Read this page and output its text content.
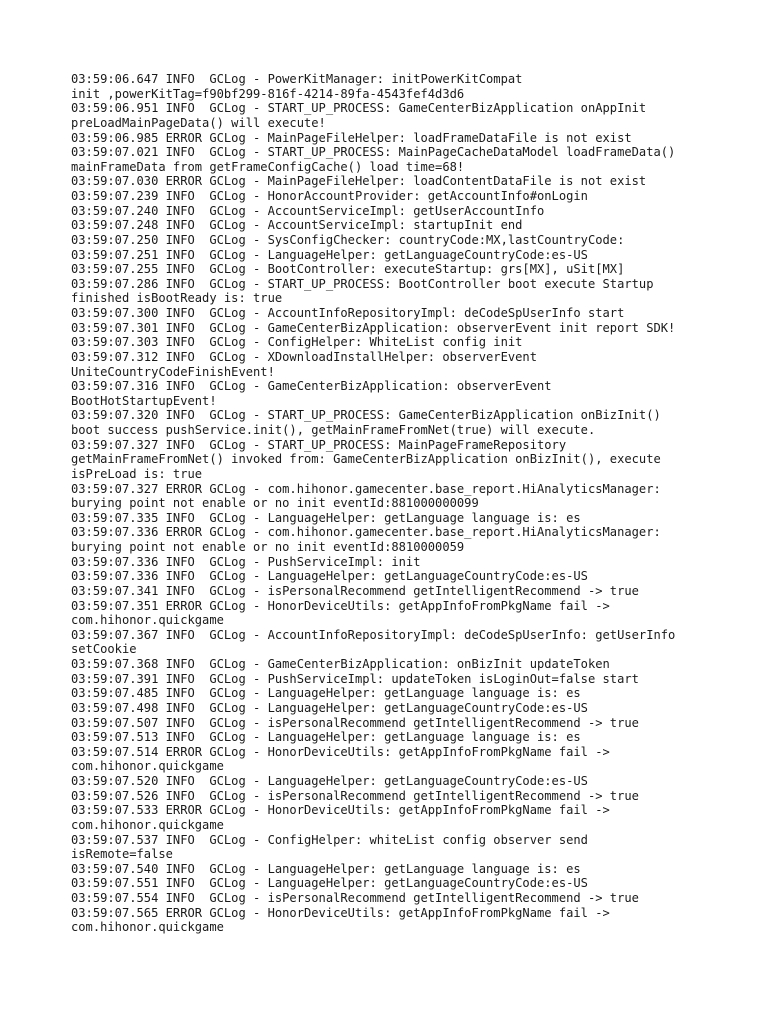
03:59:06.647 INFO  GCLog - PowerKitManager: initPowerKitCompat
init ,powerKitTag=f90bf299-816f-4214-89fa-4543fef4d3d6
03:59:06.951 INFO  GCLog - START_UP_PROCESS: GameCenterBizApplication onAppInit
preLoadMainPageData() will execute!
03:59:06.985 ERROR GCLog - MainPageFileHelper: loadFrameDataFile is not exist
03:59:07.021 INFO  GCLog - START_UP_PROCESS: MainPageCacheDataModel loadFrameData()
mainFrameData from getFrameConfigCache() load time=68!
03:59:07.030 ERROR GCLog - MainPageFileHelper: loadContentDataFile is not exist
03:59:07.239 INFO  GCLog - HonorAccountProvider: getAccountInfo#onLogin
03:59:07.240 INFO  GCLog - AccountServiceImpl: getUserAccountInfo
03:59:07.248 INFO  GCLog - AccountServiceImpl: startupInit end
03:59:07.250 INFO  GCLog - SysConfigChecker: countryCode:MX,lastCountryCode:
03:59:07.251 INFO  GCLog - LanguageHelper: getLanguageCountryCode:es-US
03:59:07.255 INFO  GCLog - BootController: executeStartup: grs[MX], uSit[MX]
03:59:07.286 INFO  GCLog - START_UP_PROCESS: BootController boot execute Startup
finished isBootReady is: true
03:59:07.300 INFO  GCLog - AccountInfoRepositoryImpl: deCodeSpUserInfo start
03:59:07.301 INFO  GCLog - GameCenterBizApplication: observerEvent init report SDK!
03:59:07.303 INFO  GCLog - ConfigHelper: WhiteList config init
03:59:07.312 INFO  GCLog - XDownloadInstallHelper: observerEvent
UniteCountryCodeFinishEvent!
03:59:07.316 INFO  GCLog - GameCenterBizApplication: observerEvent
BootHotStartupEvent!
03:59:07.320 INFO  GCLog - START_UP_PROCESS: GameCenterBizApplication onBizInit()
boot success pushService.init(), getMainFrameFromNet(true) will execute.
03:59:07.327 INFO  GCLog - START_UP_PROCESS: MainPageFrameRepository
getMainFrameFromNet() invoked from: GameCenterBizApplication onBizInit(), execute
isPreLoad is: true
03:59:07.327 ERROR GCLog - com.hihonor.gamecenter.base_report.HiAnalyticsManager:
burying point not enable or no init eventId:881000000099
03:59:07.335 INFO  GCLog - LanguageHelper: getLanguage language is: es
03:59:07.336 ERROR GCLog - com.hihonor.gamecenter.base_report.HiAnalyticsManager:
burying point not enable or no init eventId:8810000059
03:59:07.336 INFO  GCLog - PushServiceImpl: init
03:59:07.336 INFO  GCLog - LanguageHelper: getLanguageCountryCode:es-US
03:59:07.341 INFO  GCLog - isPersonalRecommend getIntelligentRecommend -> true
03:59:07.351 ERROR GCLog - HonorDeviceUtils: getAppInfoFromPkgName fail ->
com.hihonor.quickgame
03:59:07.367 INFO  GCLog - AccountInfoRepositoryImpl: deCodeSpUserInfo: getUserInfo
setCookie
03:59:07.368 INFO  GCLog - GameCenterBizApplication: onBizInit updateToken
03:59:07.391 INFO  GCLog - PushServiceImpl: updateToken isLoginOut=false start
03:59:07.485 INFO  GCLog - LanguageHelper: getLanguage language is: es
03:59:07.498 INFO  GCLog - LanguageHelper: getLanguageCountryCode:es-US
03:59:07.507 INFO  GCLog - isPersonalRecommend getIntelligentRecommend -> true
03:59:07.513 INFO  GCLog - LanguageHelper: getLanguage language is: es
03:59:07.514 ERROR GCLog - HonorDeviceUtils: getAppInfoFromPkgName fail ->
com.hihonor.quickgame
03:59:07.520 INFO  GCLog - LanguageHelper: getLanguageCountryCode:es-US
03:59:07.526 INFO  GCLog - isPersonalRecommend getIntelligentRecommend -> true
03:59:07.533 ERROR GCLog - HonorDeviceUtils: getAppInfoFromPkgName fail ->
com.hihonor.quickgame
03:59:07.537 INFO  GCLog - ConfigHelper: whiteList config observer send
isRemote=false
03:59:07.540 INFO  GCLog - LanguageHelper: getLanguage language is: es
03:59:07.551 INFO  GCLog - LanguageHelper: getLanguageCountryCode:es-US
03:59:07.554 INFO  GCLog - isPersonalRecommend getIntelligentRecommend -> true
03:59:07.565 ERROR GCLog - HonorDeviceUtils: getAppInfoFromPkgName fail ->
com.hihonor.quickgame
